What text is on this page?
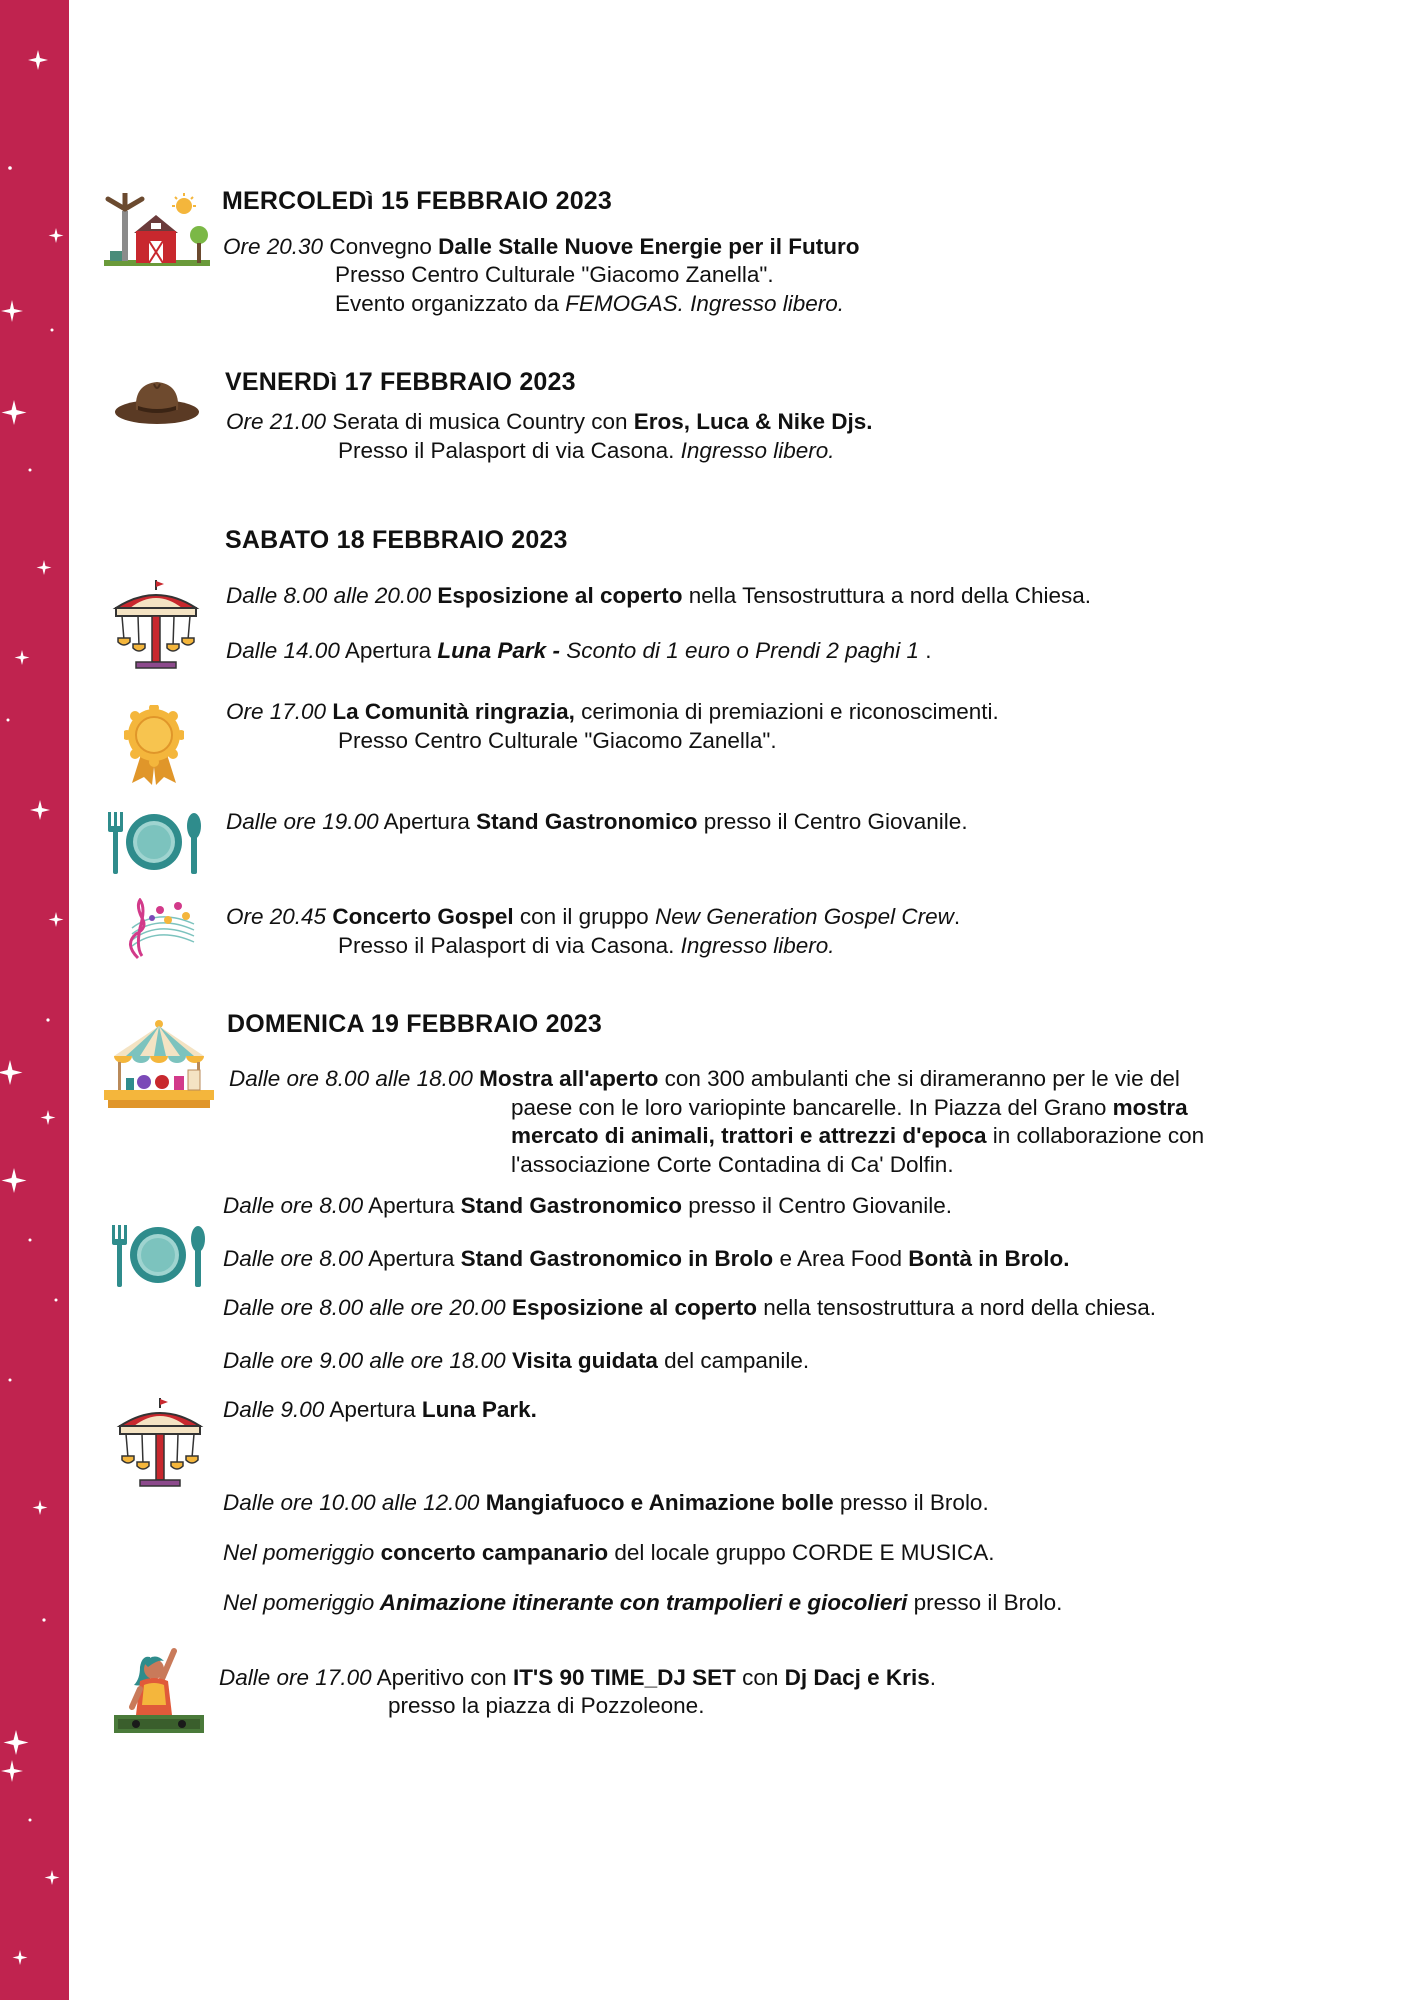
MERCOLEDì 15 FEBBRAIO 2023
Ore 20.30 Convegno Dalle Stalle Nuove Energie per il Futuro
Presso Centro Culturale "Giacomo Zanella".
Evento organizzato da FEMOGAS. Ingresso libero.
VENERDì 17 FEBBRAIO 2023
Ore 21.00 Serata di musica Country con Eros, Luca & Nike Djs.
Presso il Palasport di via Casona. Ingresso libero.
SABATO 18 FEBBRAIO 2023
Dalle 8.00 alle 20.00 Esposizione al coperto nella Tensostruttura a nord della Chiesa.
Dalle 14.00 Apertura Luna Park - Sconto di 1 euro o Prendi 2 paghi 1 .
Ore 17.00 La Comunità ringrazia, cerimonia di premiazioni e riconoscimenti.
Presso Centro Culturale "Giacomo Zanella".
Dalle ore 19.00 Apertura Stand Gastronomico presso il Centro Giovanile.
Ore 20.45 Concerto Gospel con il gruppo New Generation Gospel Crew.
Presso il Palasport di via Casona. Ingresso libero.
DOMENICA 19 FEBBRAIO 2023
Dalle ore 8.00 alle 18.00 Mostra all'aperto con 300 ambulanti che si dirameranno per le vie del
paese con le loro variopinte bancarelle. In Piazza del Grano mostra
mercato di animali, trattori e attrezzi d'epoca in collaborazione con
l'associazione Corte Contadina di Ca' Dolfin.
Dalle ore 8.00 Apertura Stand Gastronomico presso il Centro Giovanile.
Dalle ore 8.00 Apertura Stand Gastronomico in Brolo e Area Food Bontà in Brolo.
Dalle ore 8.00 alle ore 20.00 Esposizione al coperto nella tensostruttura a nord della chiesa.
Dalle ore 9.00 alle ore 18.00 Visita guidata del campanile.
Dalle 9.00 Apertura Luna Park.
Dalle ore 10.00 alle 12.00 Mangiafuoco e Animazione bolle presso il Brolo.
Nel pomeriggio concerto campanario del locale gruppo CORDE E MUSICA.
Nel pomeriggio Animazione itinerante con trampolieri e giocolieri presso il Brolo.
Dalle ore 17.00 Aperitivo con IT'S 90 TIME_DJ SET con Dj Dacj e Kris.
presso la piazza di Pozzoleone.
